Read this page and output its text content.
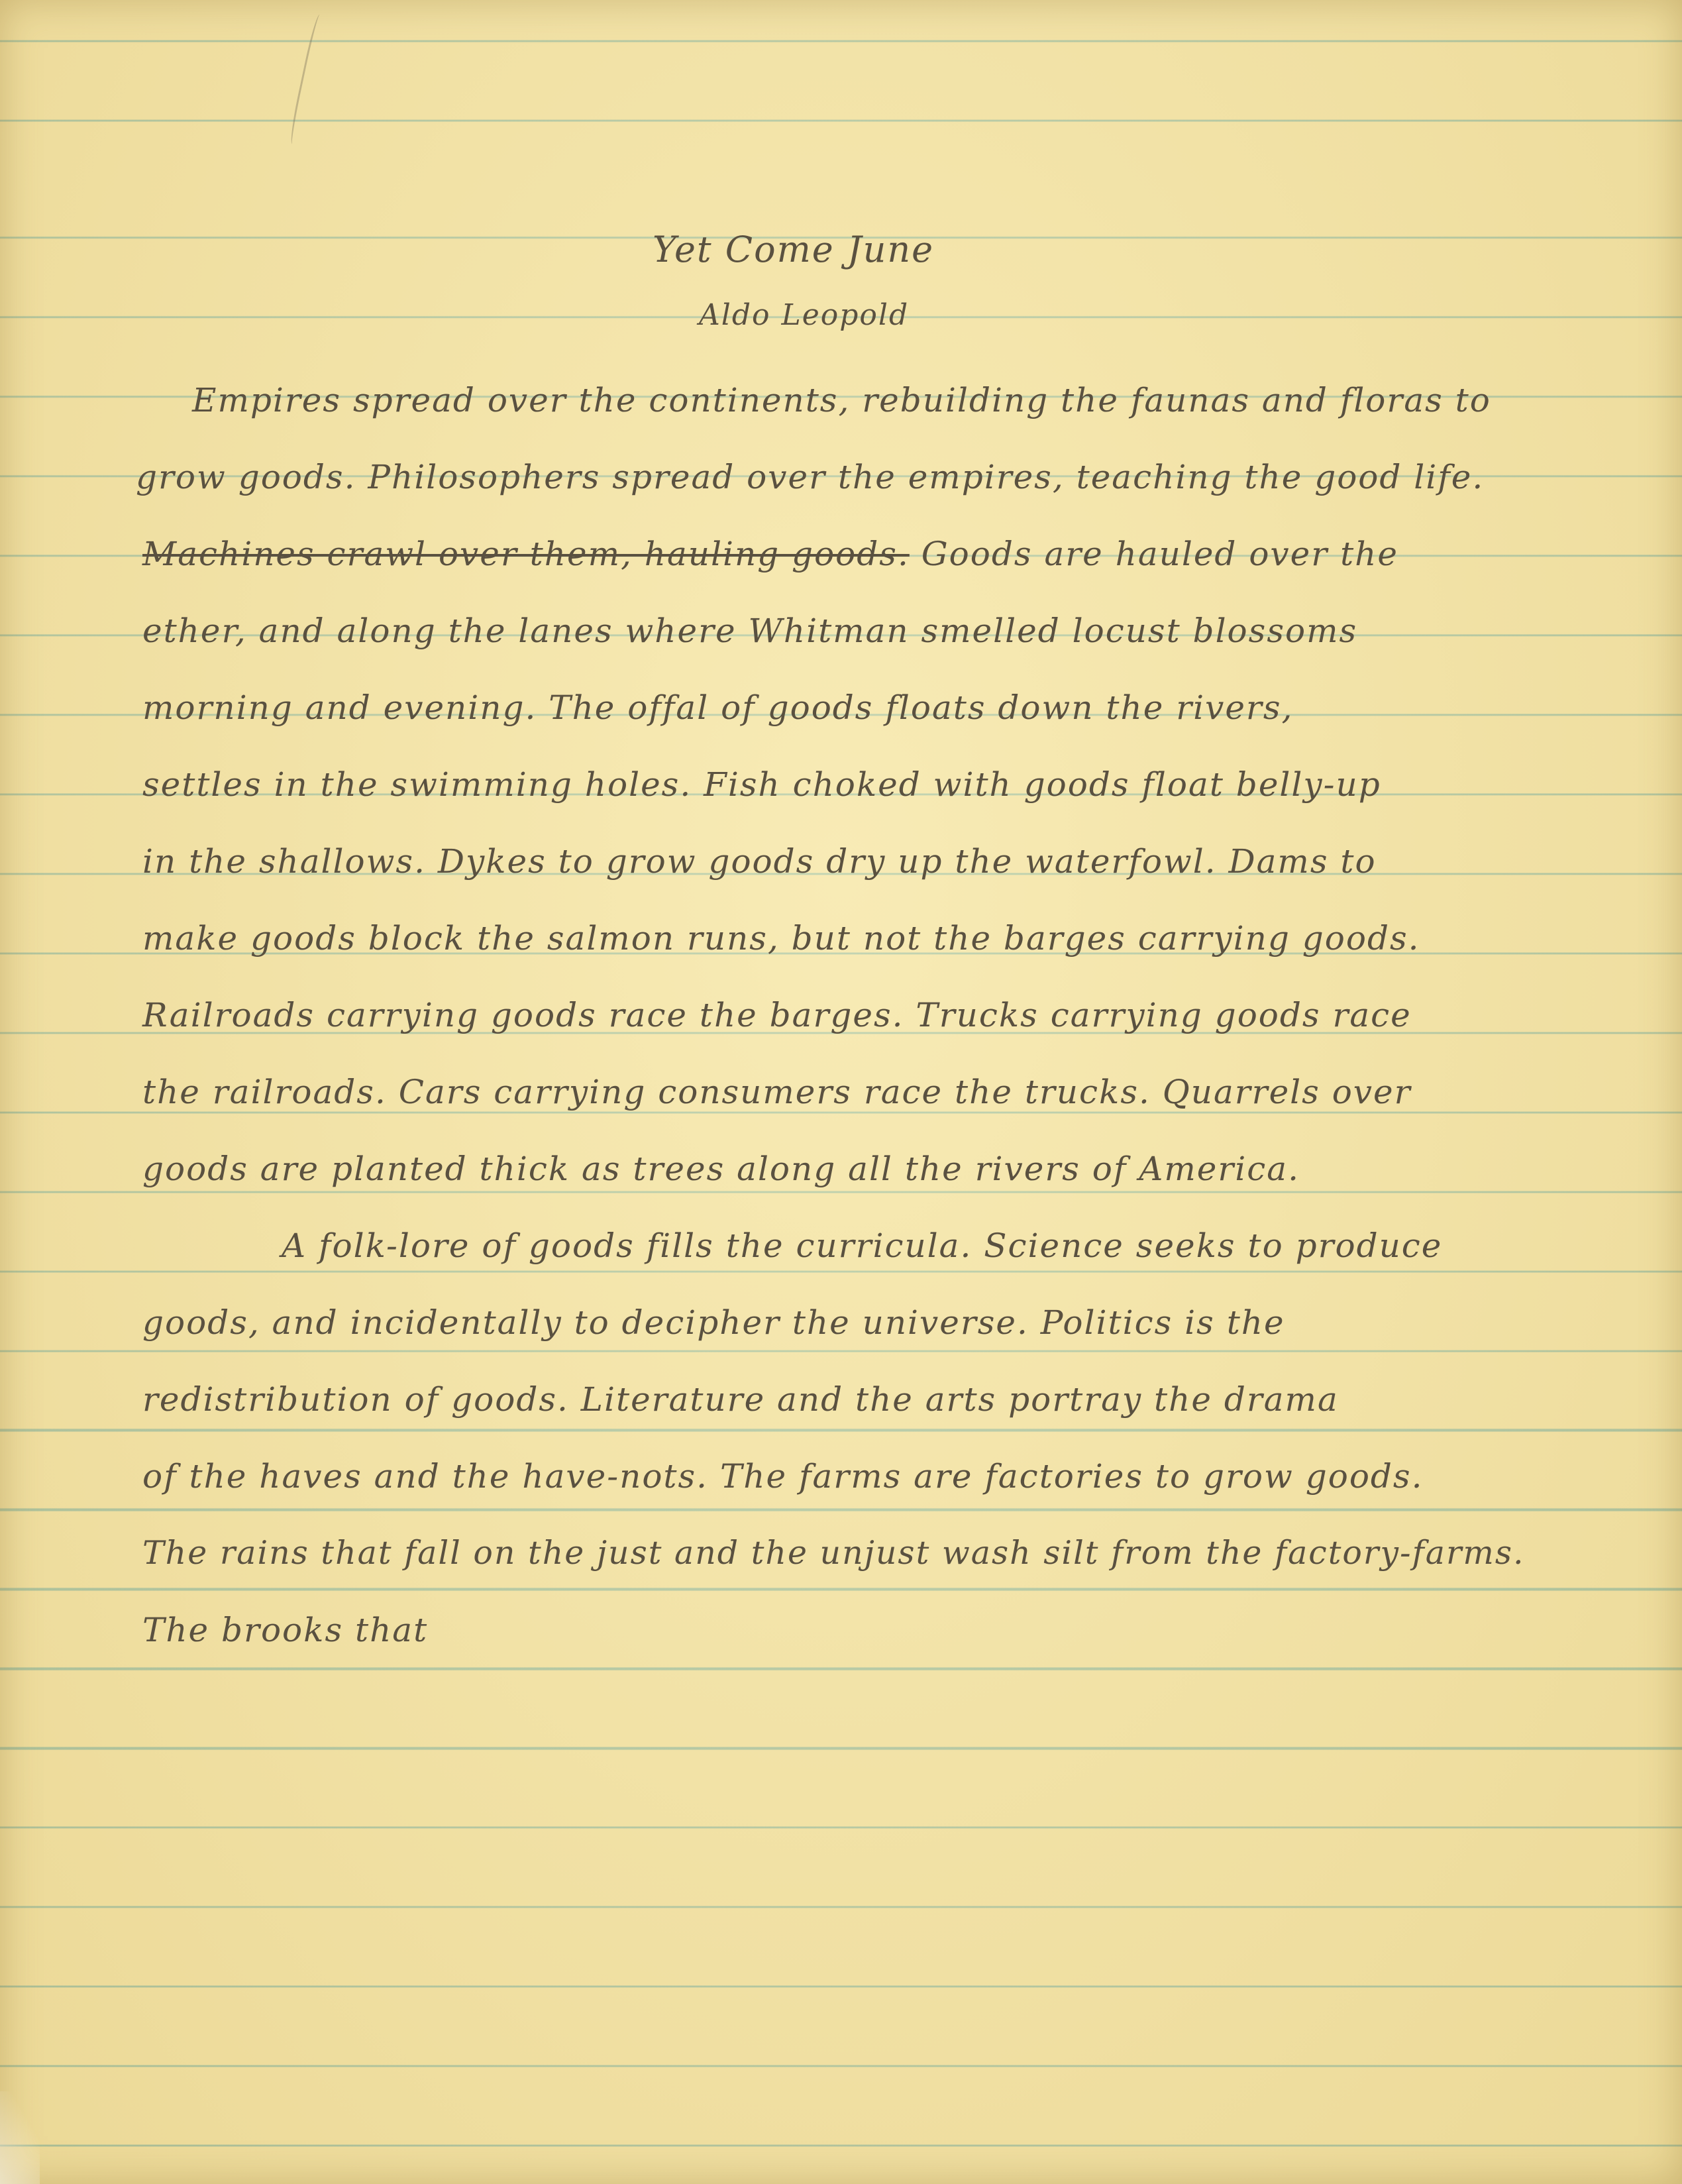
Yet Come June
Aldo Leopold
Empires spread over the continents, rebuilding the faunas and floras to
grow goods. Philosophers spread over the empires, teaching the good life.
Machines crawl over them, hauling goods. Goods are hauled over the
ether, and along the lanes where Whitman smelled locust blossoms
morning and evening. The offal of goods floats down the rivers,
settles in the swimming holes. Fish choked with goods float belly-up
in the shallows. Dykes to grow goods dry up the waterfowl. Dams to
make goods block the salmon runs, but not the barges carrying goods.
Railroads carrying goods race the barges. Trucks carrying goods race
the railroads. Cars carrying consumers race the trucks. Quarrels over
goods are planted thick as trees along all the rivers of America.
A folk-lore of goods fills the curricula. Science seeks to produce
goods, and incidentally to decipher the universe. Politics is the
redistribution of goods. Literature and the arts portray the drama
of the haves and the have-nots. The farms are factories to grow goods.
The rains that fall on the just and the unjust wash silt from the factory-farms.
The brooks that
